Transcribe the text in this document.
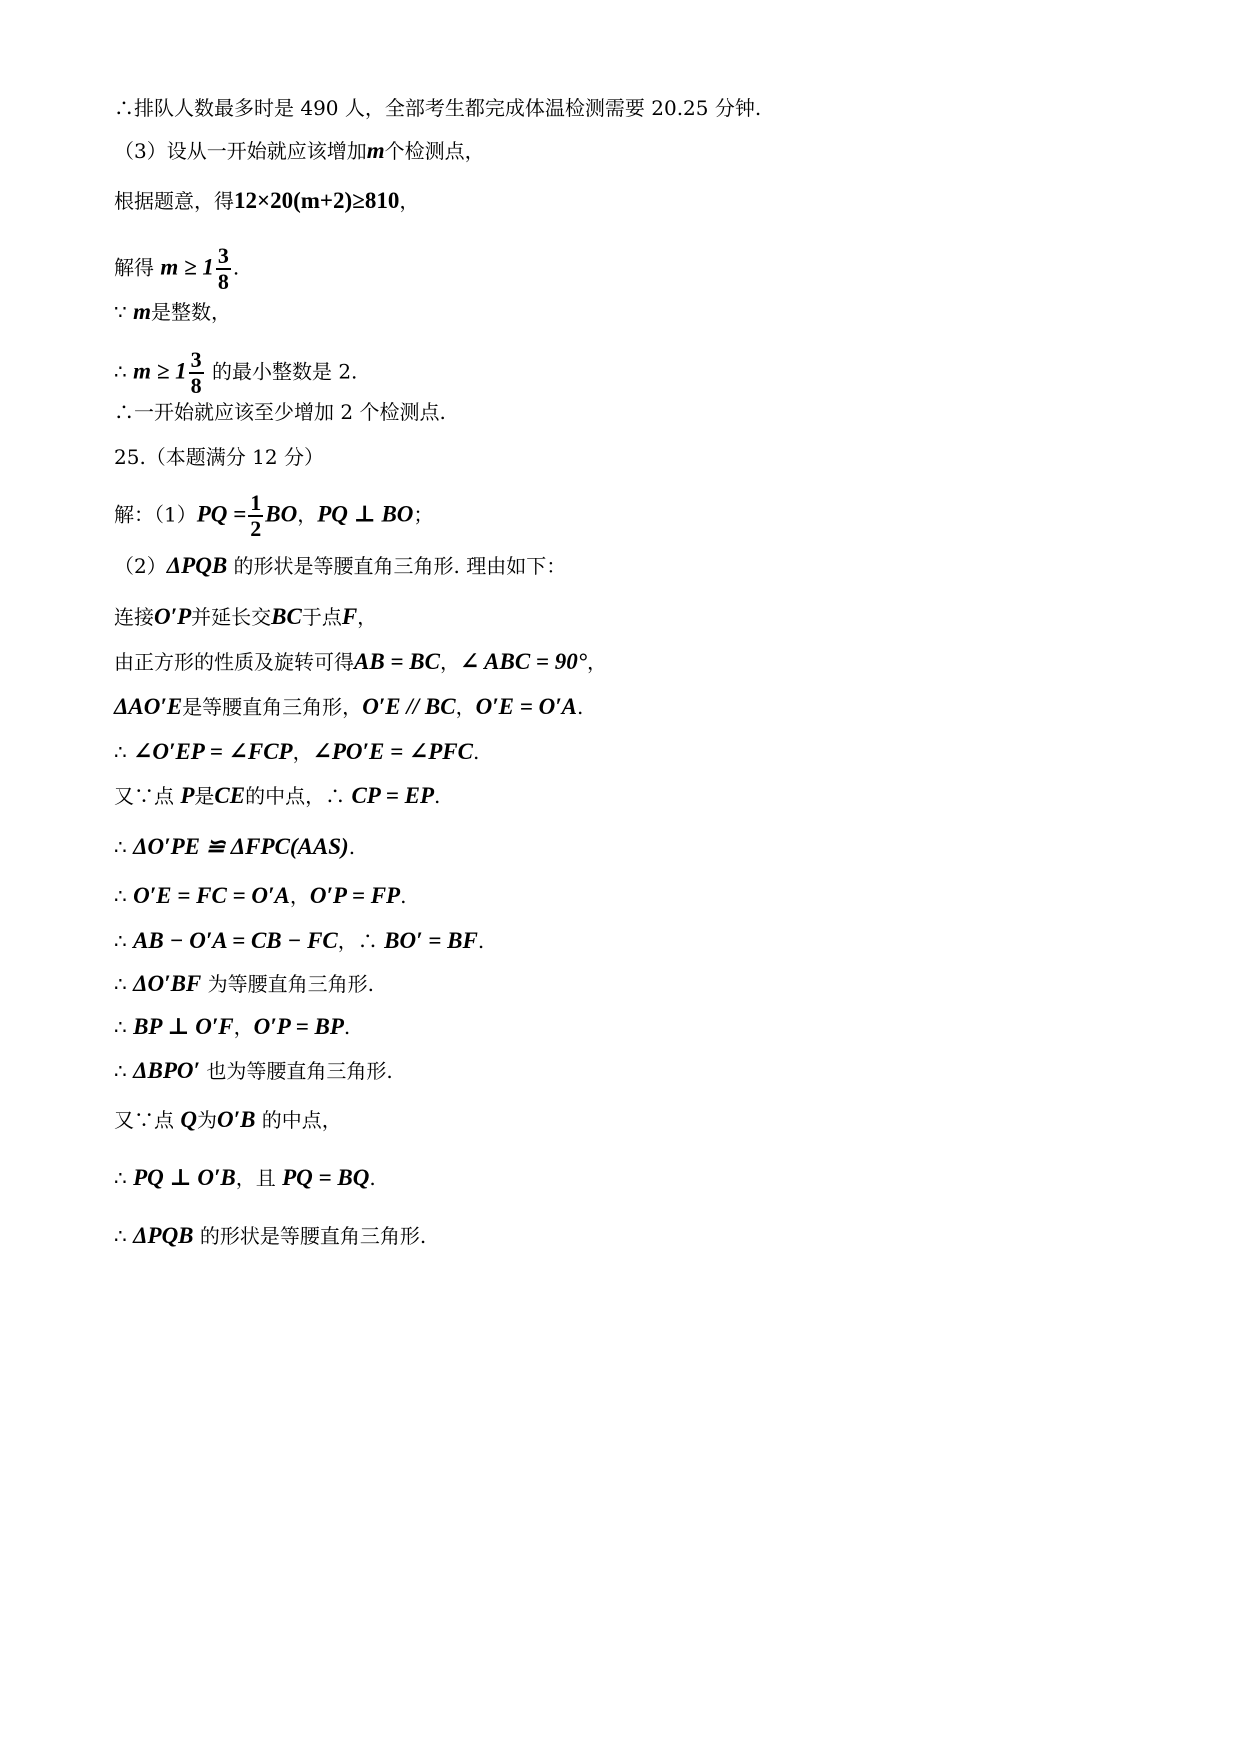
∴排队人数最多时是 490 人，全部考生都完成体温检测需要 20.25 分钟.
（3）设从一开始就应该增加m个检测点，
根据题意，得12×20(m+2)≥810，
解得 $m \ge 1 \frac{3}{8}$ .
∵ m是整数，
∴ $m \ge 1 \frac{3}{8}$ 的最小整数是 2.
∴一开始就应该至少增加 2 个检测点.
25.（本题满分 12 分）
解：$(1)PQ = \frac{1}{2}$ BO，PQ ⊥ BO；
（2）ΔPQB 的形状是等腰直角三角形. 理由如下：
连接O′P并延长交BC于点F，
由正方形的性质及旋转可得AB = BC，∠ ABC = 90°，
ΔAO′E是等腰直角三角形，O′E // BC，O′E = O′A.
∴ ∠O′EP = ∠FCP，∠PO′E = ∠PFC.
又∵点 P是CE的中点，∴ CP = EP.
∴ ΔO′PE ≌ ΔFPC(AAS).
∴ O′E = FC = O′A，O′P = FP.
∴ AB − O′A = CB − FC，∴ BO′ = BF.
∴ ΔO′BF 为等腰直角三角形.
∴ BP ⊥ O′F，O′P = BP.
∴ ΔBPO′ 也为等腰直角三角形.
又∵点 Q为O′B 的中点，
∴ PQ ⊥ O′B，且 PQ = BQ.
∴ ΔPQB 的形状是等腰直角三角形.
